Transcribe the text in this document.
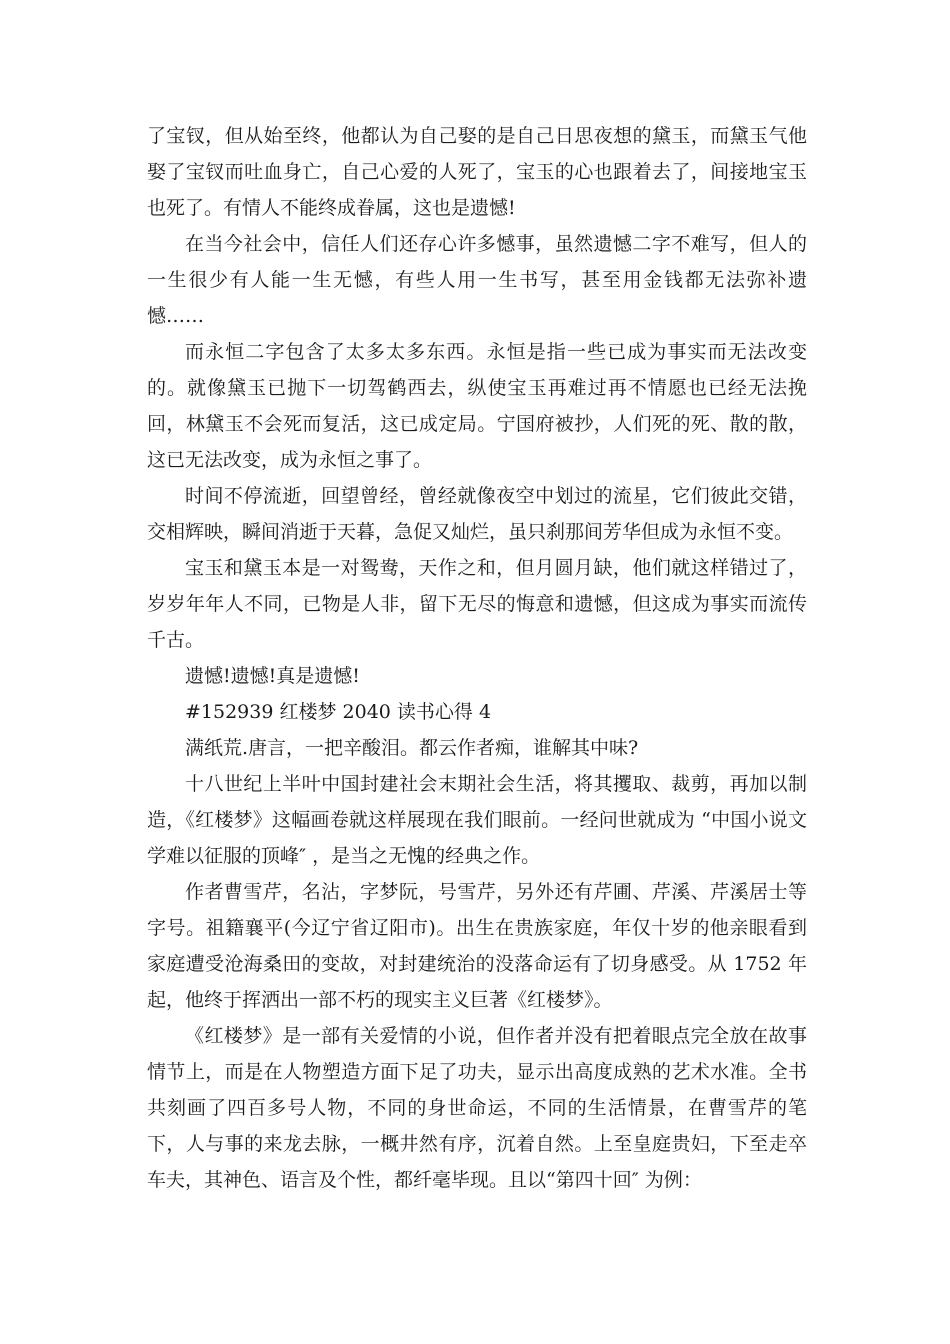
了宝钗，但从始至终，他都认为自己娶的是自己日思夜想的黛玉，而黛玉气他娶了宝钗而吐血身亡，自己心爱的人死了，宝玉的心也跟着去了，间接地宝玉也死了。有情人不能终成眷属，这也是遗憾!

在当今社会中，信任人们还存心许多憾事，虽然遗憾二字不难写，但人的一生很少有人能一生无憾，有些人用一生书写，甚至用金钱都无法弥补遗憾……

而永恒二字包含了太多太多东西。永恒是指一些已成为事实而无法改变的。就像黛玉已抛下一切驾鹤西去，纵使宝玉再难过再不情愿也已经无法挽回，林黛玉不会死而复活，这已成定局。宁国府被抄，人们死的死、散的散，这已无法改变，成为永恒之事了。

时间不停流逝，回望曾经，曾经就像夜空中划过的流星，它们彼此交错，交相辉映，瞬间消逝于天暮，急促又灿烂，虽只刹那间芳华但成为永恒不变。

宝玉和黛玉本是一对鸳鸯，天作之和，但月圆月缺，他们就这样错过了，岁岁年年人不同，已物是人非，留下无尽的悔意和遗憾，但这成为事实而流传千古。

遗憾!遗憾!真是遗憾!

#152939 红楼梦 2040 读书心得 4

满纸荒.唐言，一把辛酸泪。都云作者痴，谁解其中味?

十八世纪上半叶中国封建社会末期社会生活，将其攫取、裁剪，再加以制造，《红楼梦》这幅画卷就这样展现在我们眼前。一经问世就成为 “中国小说文学难以征服的顶峰″ ，是当之无愧的经典之作。

作者曹雪芹，名沾，字梦阮，号雪芹，另外还有芹圃、芹溪、芹溪居士等字号。祖籍襄平(今辽宁省辽阳市)。出生在贵族家庭，年仅十岁的他亲眼看到家庭遭受沧海桑田的变故，对封建统治的没落命运有了切身感受。从 1752 年起，他终于挥洒出一部不朽的现实主义巨著《红楼梦》。

《红楼梦》是一部有关爱情的小说，但作者并没有把着眼点完全放在故事情节上，而是在人物塑造方面下足了功夫，显示出高度成熟的艺术水准。全书共刻画了四百多号人物，不同的身世命运，不同的生活情景，在曹雪芹的笔下，人与事的来龙去脉，一概井然有序，沉着自然。上至皇庭贵妇，下至走卒车夫，其神色、语言及个性，都纤毫毕现。且以“第四十回″ 为例：
